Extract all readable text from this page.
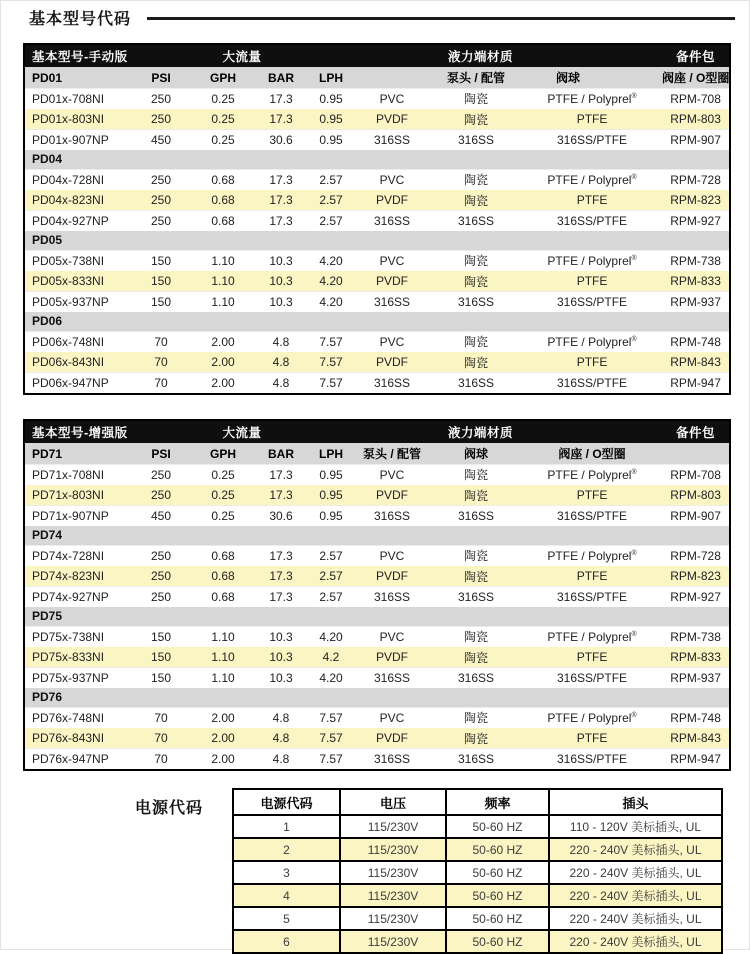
基本型号代码
基本型号-手动版	大流量				液力端材质			备件包
PD01	PSI	GPH	BAR	LPH		泵头 / 配管	阀球	阀座 / O型圈
PD01x-708NI	250	0.25	17.3	0.95	PVC	陶瓷	PTFE / Polyprel®	RPM-708
PD01x-803NI	250	0.25	17.3	0.95	PVDF	陶瓷	PTFE	RPM-803
PD01x-907NP	450	0.25	30.6	0.95	316SS	316SS	316SS/PTFE	RPM-907
PD04								
PD04x-728NI	250	0.68	17.3	2.57	PVC	陶瓷	PTFE / Polyprel®	RPM-728
PD04x-823NI	250	0.68	17.3	2.57	PVDF	陶瓷	PTFE	RPM-823
PD04x-927NP	250	0.68	17.3	2.57	316SS	316SS	316SS/PTFE	RPM-927
PD05								
PD05x-738NI	150	1.10	10.3	4.20	PVC	陶瓷	PTFE / Polyprel®	RPM-738
PD05x-833NI	150	1.10	10.3	4.20	PVDF	陶瓷	PTFE	RPM-833
PD05x-937NP	150	1.10	10.3	4.20	316SS	316SS	316SS/PTFE	RPM-937
PD06								
PD06x-748NI	70	2.00	4.8	7.57	PVC	陶瓷	PTFE / Polyprel®	RPM-748
PD06x-843NI	70	2.00	4.8	7.57	PVDF	陶瓷	PTFE	RPM-843
PD06x-947NP	70	2.00	4.8	7.57	316SS	316SS	316SS/PTFE	RPM-947
基本型号-增强版	大流量				液力端材质			备件包
PD71	PSI	GPH	BAR	LPH	泵头 / 配管	阀球	阀座 / O型圈	
PD71x-708NI	250	0.25	17.3	0.95	PVC	陶瓷	PTFE / Polyprel®	RPM-708
PD71x-803NI	250	0.25	17.3	0.95	PVDF	陶瓷	PTFE	RPM-803
PD71x-907NP	450	0.25	30.6	0.95	316SS	316SS	316SS/PTFE	RPM-907
PD74								
PD74x-728NI	250	0.68	17.3	2.57	PVC	陶瓷	PTFE / Polyprel®	RPM-728
PD74x-823NI	250	0.68	17.3	2.57	PVDF	陶瓷	PTFE	RPM-823
PD74x-927NP	250	0.68	17.3	2.57	316SS	316SS	316SS/PTFE	RPM-927
PD75								
PD75x-738NI	150	1.10	10.3	4.20	PVC	陶瓷	PTFE / Polyprel®	RPM-738
PD75x-833NI	150	1.10	10.3	4.2	PVDF	陶瓷	PTFE	RPM-833
PD75x-937NP	150	1.10	10.3	4.20	316SS	316SS	316SS/PTFE	RPM-937
PD76								
PD76x-748NI	70	2.00	4.8	7.57	PVC	陶瓷	PTFE / Polyprel®	RPM-748
PD76x-843NI	70	2.00	4.8	7.57	PVDF	陶瓷	PTFE	RPM-843
PD76x-947NP	70	2.00	4.8	7.57	316SS	316SS	316SS/PTFE	RPM-947
电源代码	电源代码	电压	频率	插头
1	115/230V	50-60 HZ	110 - 120V 美标插头, UL
2	115/230V	50-60 HZ	220 - 240V 美标插头, UL
3	115/230V	50-60 HZ	220 - 240V 美标插头, UL
4	115/230V	50-60 HZ	220 - 240V 美标插头, UL
5	115/230V	50-60 HZ	220 - 240V 美标插头, UL
6	115/230V	50-60 HZ	220 - 240V 美标插头, UL
